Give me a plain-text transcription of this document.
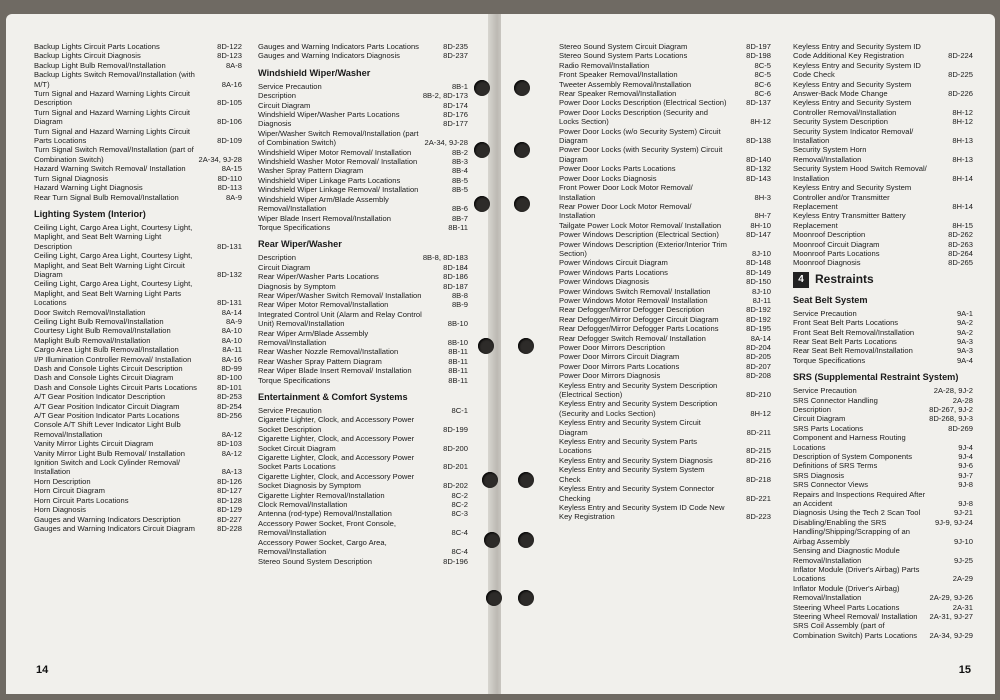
Backup Lights Circuit Parts Locations	8D-122
Backup Lights Circuit Diagnosis	8D-123
Backup Light Bulb Removal/Installation	8A-8
Backup Lights Switch Removal/Installation (with M/T)	8A-16
Turn Signal and Hazard Warning Lights Circuit Description	8D-105
Turn Signal and Hazard Warning Lights Circuit Diagram	8D-106
Turn Signal and Hazard Warning Lights Circuit Parts Locations	8D-109
Turn Signal Switch Removal/Installation (part of Combination Switch)	2A-34, 9J-28
Hazard Warning Switch Removal/ Installation	8A-15
Turn Signal Diagnosis	8D-110
Hazard Warning Light Diagnosis	8D-113
Rear Turn Signal Bulb Removal/Installation	8A-9
Lighting System (Interior)
Ceiling Light, Cargo Area Light, Courtesy Light, Maplight, and Seat Belt Warning Light Description	8D-131
Ceiling Light, Cargo Area Light, Courtesy Light, Maplight, and Seat Belt Warning Light Circuit Diagram	8D-132
Ceiling Light, Cargo Area Light, Courtesy Light, Maplight, and Seat Belt Warning Light Parts Locations	8D-131
Door Switch Removal/Installation	8A-14
Ceiling Light Bulb Removal/Installation	8A-9
Courtesy Light Bulb Removal/Installation	8A-10
Maplight Bulb Removal/Installation	8A-10
Cargo Area Light Bulb Removal/Installation	8A-11
I/P Illumination Controller Removal/ Installation	8A-16
Dash and Console Lights Circuit Description	8D-99
Dash and Console Lights Circuit Diagram	8D-100
Dash and Console Lights Circuit Parts Locations	8D-101
A/T Gear Position Indicator Description	8D-253
A/T Gear Position Indicator Circuit Diagram	8D-254
A/T Gear Position Indicator Parts Locations	8D-256
Console A/T Shift Lever Indicator Light Bulb Removal/Installation	8A-12
Vanity Mirror Lights Circuit Diagram	8D-103
Vanity Mirror Light Bulb Removal/ Installation	8A-12
Ignition Switch and Lock Cylinder Removal/ Installation	8A-13
Horn Description	8D-126
Horn Circuit Diagram	8D-127
Horn Circuit Parts Locations	8D-128
Horn Diagnosis	8D-129
Gauges and Warning Indicators Description	8D-227
Gauges and Warning Indicators Circuit Diagram	8D-228
Gauges and Warning Indicators Parts Locations	8D-235
Gauges and Warning Indicators Diagnosis	8D-237
Windshield Wiper/Washer
Service Precaution	8B-1
Description	8B-2, 8D-173
Circuit Diagram	8D-174
Windshield Wiper/Washer Parts Locations	8D-176
Diagnosis	8D-177
Wiper/Washer Switch Removal/Installation (part of Combination Switch)	2A-34, 9J-28
Windshield Wiper Motor Removal/ Installation	8B-2
Windshield Washer Motor Removal/ Installation	8B-3
Washer Spray Pattern Diagram	8B-4
Windshield Wiper Linkage Parts Locations	8B-5
Windshield Wiper Linkage Removal/ Installation	8B-5
Windshield Wiper Arm/Blade Assembly Removal/Installation	8B-6
Wiper Blade Insert Removal/Installation	8B-7
Torque Specifications	8B-11
Rear Wiper/Washer
Description	8B-8, 8D-183
Circuit Diagram	8D-184
Rear Wiper/Washer Parts Locations	8D-186
Diagnosis by Symptom	8D-187
Rear Wiper/Washer Switch Removal/ Installation	8B-8
Rear Wiper Motor Removal/Installation	8B-9
Integrated Control Unit (Alarm and Relay Control Unit) Removal/Installation	8B-10
Rear Wiper Arm/Blade Assembly Removal/Installation	8B-10
Rear Washer Nozzle Removal/Installation	8B-11
Rear Washer Spray Pattern Diagram	8B-11
Rear Wiper Blade Insert Removal/ Installation	8B-11
Torque Specifications	8B-11
Entertainment & Comfort Systems
Service Precaution	8C-1
Cigarette Lighter, Clock, and Accessory Power Socket Description	8D-199
Cigarette Lighter, Clock, and Accessory Power Socket Circuit Diagram	8D-200
Cigarette Lighter, Clock, and Accessory Power Socket Parts Locations	8D-201
Cigarette Lighter, Clock, and Accessory Power Socket Diagnosis by Symptom	8D-202
Cigarette Lighter Removal/Installation	8C-2
Clock Removal/Installation	8C-2
Antenna (rod-type) Removal/Installation	8C-3
Accessory Power Socket, Front Console, Removal/Installation	8C-4
Accessory Power Socket, Cargo Area, Removal/Installation	8C-4
Stereo Sound System Description	8D-196
14
Stereo Sound System Circuit Diagram	8D-197
Stereo Sound System Parts Locations	8D-198
Radio Removal/Installation	8C-5
Front Speaker Removal/Installation	8C-5
Tweeter Assembly Removal/Installation	8C-6
Rear Speaker Removal/Installation	8C-6
Power Door Locks Description (Electrical Section)	8D-137
Power Door Locks Description (Security and Locks Section)	8H-12
Power Door Locks (w/o Security System) Circuit Diagram	8D-138
Power Door Locks (with Security System) Circuit Diagram	8D-140
Power Door Locks Parts Locations	8D-132
Power Door Locks Diagnosis	8D-143
Front Power Door Lock Motor Removal/ Installation	8H-3
Rear Power Door Lock Motor Removal/ Installation	8H-7
Tailgate Power Lock Motor Removal/ Installation	8H-10
Power Windows Description (Electrical Section)	8D-147
Power Windows Description (Exterior/Interior Trim Section)	8J-10
Power Windows Circuit Diagram	8D-148
Power Windows Parts Locations	8D-149
Power Windows Diagnosis	8D-150
Power Windows Switch Removal/ Installation	8J-10
Power Windows Motor Removal/ Installation	8J-11
Rear Defogger/Mirror Defogger Description	8D-192
Rear Defogger/Mirror Defogger Circuit Diagram	8D-192
Rear Defogger/Mirror Defogger Parts Locations	8D-195
Rear Defogger Switch Removal/ Installation	8A-14
Power Door Mirrors Description	8D-204
Power Door Mirrors Circuit Diagram	8D-205
Power Door Mirrors Parts Locations	8D-207
Power Door Mirrors Diagnosis	8D-208
Keyless Entry and Security System Description (Electrical Section)	8D-210
Keyless Entry and Security System Description (Security and Locks Section)	8H-12
Keyless Entry and Security System Circuit Diagram	8D-211
Keyless Entry and Security System Parts Locations	8D-215
Keyless Entry and Security System Diagnosis	8D-216
Keyless Entry and Security System System Check	8D-218
Keyless Entry and Security System Connector Checking	8D-221
Keyless Entry and Security System ID Code New Key Registration	8D-223
Keyless Entry and Security System ID Code Additional Key Registration	8D-224
Keyless Entry and Security System ID Code Check	8D-225
Keyless Entry and Security System Answer-Back Mode Change	8D-226
Keyless Entry and Security System Controller Removal/Installation	8H-12
Security System Description	8H-12
Security System Indicator Removal/ Installation	8H-13
Security System Horn Removal/Installation	8H-13
Security System Hood Switch Removal/ Installation	8H-14
Keyless Entry and Security System Controller and/or Transmitter Replacement	8H-14
Keyless Entry Transmitter Battery Replacement	8H-15
Moonroof Description	8D-262
Moonroof Circuit Diagram	8D-263
Moonroof Parts Locations	8D-264
Moonroof Diagnosis	8D-265
4 Restraints
Seat Belt System
Service Precaution	9A-1
Front Seat Belt Parts Locations	9A-2
Front Seat Belt Removal/Installation	9A-2
Rear Seat Belt Parts Locations	9A-3
Rear Seat Belt Removal/Installation	9A-3
Torque Specifications	9A-4
SRS (Supplemental Restraint System)
Service Precaution	2A-28, 9J-2
SRS Connector Handling	2A-28
Description	8D-267, 9J-2
Circuit Diagram	8D-268, 9J-3
SRS Parts Locations	8D-269
Component and Harness Routing Locations	9J-4
Description of System Components	9J-4
Definitions of SRS Terms	9J-6
SRS Diagnosis	9J-7
SRS Connector Views	9J-8
Repairs and Inspections Required After an Accident	9J-8
Diagnosis Using the Tech 2 Scan Tool	9J-21
Disabling/Enabling the SRS	9J-9, 9J-24
Handling/Shipping/Scrapping of an Airbag Assembly	9J-10
Sensing and Diagnostic Module Removal/Installation	9J-25
Inflator Module (Driver's Airbag) Parts Locations	2A-29
Inflator Module (Driver's Airbag) Removal/Installation	2A-29, 9J-26
Steering Wheel Parts Locations	2A-31
Steering Wheel Removal/ Installation 2A-31, 9J-27
SRS Coil Assembly (part of Combination Switch) Parts Locations 2A-34, 9J-29
15
